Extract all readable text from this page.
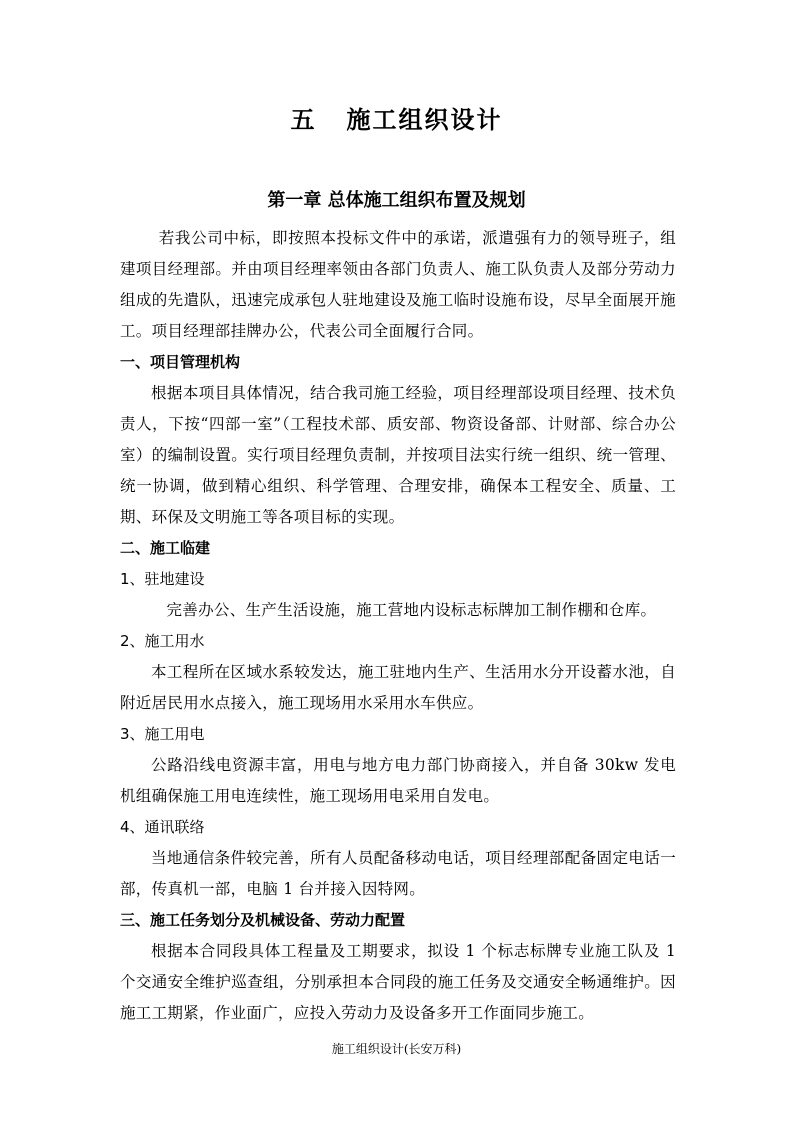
五 施工组织设计
第一章 总体施工组织布置及规划

若我公司中标，即按照本投标文件中的承诺，派遣强有力的领导班子，组建项目经理部。并由项目经理率领由各部门负责人、施工队负责人及部分劳动力组成的先遣队，迅速完成承包人驻地建设及施工临时设施布设，尽早全面展开施工。项目经理部挂牌办公，代表公司全面履行合同。

一、项目管理机构

根据本项目具体情况，结合我司施工经验，项目经理部设项目经理、技术负责人，下按“四部一室”（工程技术部、质安部、物资设备部、计财部、综合办公室）的编制设置。实行项目经理负责制，并按项目法实行统一组织、统一管理、统一协调，做到精心组织、科学管理、合理安排，确保本工程安全、质量、工期、环保及文明施工等各项目标的实现。

二、施工临建

1、驻地建设

完善办公、生产生活设施，施工营地内设标志标牌加工制作棚和仓库。

2、施工用水

本工程所在区域水系较发达，施工驻地内生产、生活用水分开设蓄水池，自附近居民用水点接入，施工现场用水采用水车供应。

3、施工用电

公路沿线电资源丰富，用电与地方电力部门协商接入，并自备 30kw 发电机组确保施工用电连续性，施工现场用电采用自发电。

4、通讯联络

当地通信条件较完善，所有人员配备移动电话，项目经理部配备固定电话一部，传真机一部，电脑 1 台并接入因特网。

三、施工任务划分及机械设备、劳动力配置

根据本合同段具体工程量及工期要求，拟设 1 个标志标牌专业施工队及 1 个交通安全维护巡查组，分别承担本合同段的施工任务及交通安全畅通维护。因施工工期紧，作业面广，应投入劳动力及设备多开工作面同步施工。

施工组织设计(长安万科)
